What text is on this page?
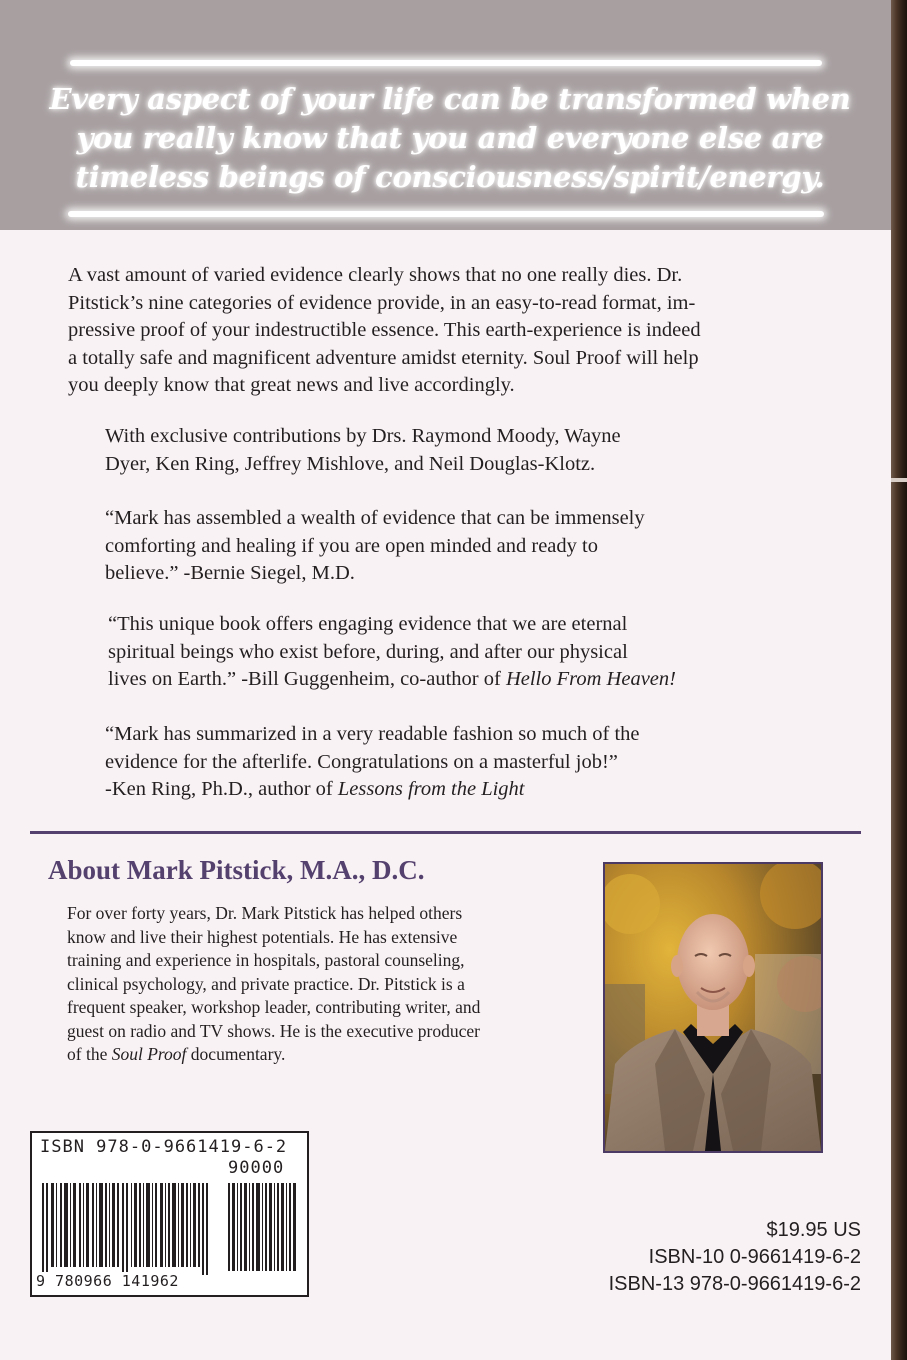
Every aspect of your life can be transformed when
you really know that you and everyone else are
timeless beings of consciousness/spirit/energy.
A vast amount of varied evidence clearly shows that no one really dies. Dr.
Pitstick’s nine categories of evidence provide, in an easy-to-read format, im-
pressive proof of your indestructible essence. This earth-experience is indeed
a totally safe and magnificent adventure amidst eternity. Soul Proof will help
you deeply know that great news and live accordingly.
With exclusive contributions by Drs. Raymond Moody, Wayne
Dyer, Ken Ring, Jeffrey Mishlove, and Neil Douglas-Klotz.
“Mark has assembled a wealth of evidence that can be immensely
comforting and healing if you are open minded and ready to
believe.” -Bernie Siegel, M.D.
“This unique book offers engaging evidence that we are eternal
spiritual beings who exist before, during, and after our physical
lives on Earth.” -Bill Guggenheim, co-author of Hello From Heaven!
“Mark has summarized in a very readable fashion so much of the
evidence for the afterlife. Congratulations on a masterful job!”
-Ken Ring, Ph.D., author of Lessons from the Light
About Mark Pitstick, M.A., D.C.
For over forty years, Dr. Mark Pitstick has helped others
know and live their highest potentials. He has extensive
training and experience in hospitals, pastoral counseling,
clinical psychology, and private practice. Dr. Pitstick is a
frequent speaker, workshop leader, contributing writer, and
guest on radio and TV shows. He is the executive producer
of the Soul Proof documentary.
ISBN 978-0-9661419-6-2
90000
9 780966 141962
$19.95 US
ISBN-10 0-9661419-6-2
ISBN-13 978-0-9661419-6-2
